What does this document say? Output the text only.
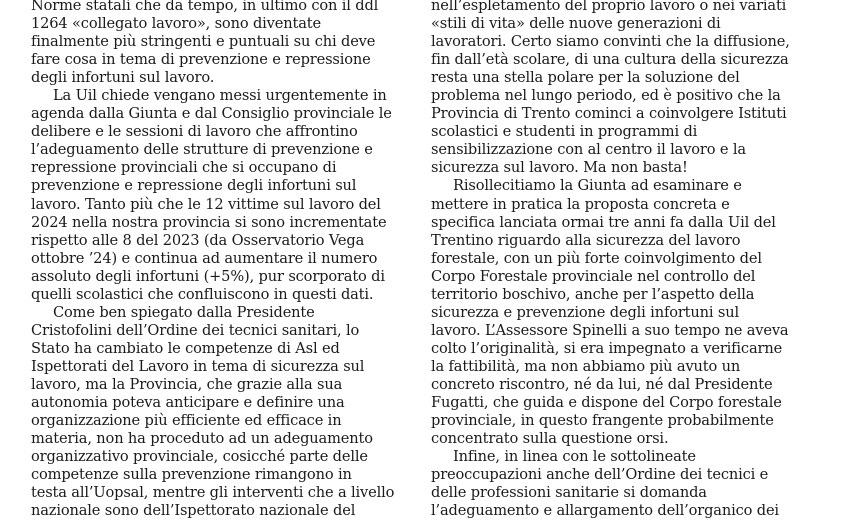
Norme statali che da tempo, in ultimo con il ddl
1264 «collegato lavoro», sono diventate
finalmente più stringenti e puntuali su chi deve
fare cosa in tema di prevenzione e repressione
degli infortuni sul lavoro.
La Uil chiede vengano messi urgentemente in
agenda dalla Giunta e dal Consiglio provinciale le
delibere e le sessioni di lavoro che affrontino
l’adeguamento delle strutture di prevenzione e
repressione provinciali che si occupano di
prevenzione e repressione degli infortuni sul
lavoro. Tanto più che le 12 vittime sul lavoro del
2024 nella nostra provincia si sono incrementate
rispetto alle 8 del 2023 (da Osservatorio Vega
ottobre ’24) e continua ad aumentare il numero
assoluto degli infortuni (+5%), pur scorporato di
quelli scolastici che confluiscono in questi dati.
Come ben spiegato dalla Presidente
Cristofolini dell’Ordine dei tecnici sanitari, lo
Stato ha cambiato le competenze di Asl ed
Ispettorati del Lavoro in tema di sicurezza sul
lavoro, ma la Provincia, che grazie alla sua
autonomia poteva anticipare e definire una
organizzazione più efficiente ed efficace in
materia, non ha proceduto ad un adeguamento
organizzativo provinciale, cosicché parte delle
competenze sulla prevenzione rimangono in
testa all’Uopsal, mentre gli interventi che a livello
nazionale sono dell’Ispettorato nazionale del
nell’espletamento del proprio lavoro o nei variati
«stili di vita» delle nuove generazioni di
lavoratori. Certo siamo convinti che la diffusione,
fin dall’età scolare, di una cultura della sicurezza
resta una stella polare per la soluzione del
problema nel lungo periodo, ed è positivo che la
Provincia di Trento cominci a coinvolgere Istituti
scolastici e studenti in programmi di
sensibilizzazione con al centro il lavoro e la
sicurezza sul lavoro. Ma non basta!
Risollecitiamo la Giunta ad esaminare e
mettere in pratica la proposta concreta e
specifica lanciata ormai tre anni fa dalla Uil del
Trentino riguardo alla sicurezza del lavoro
forestale, con un più forte coinvolgimento del
Corpo Forestale provinciale nel controllo del
territorio boschivo, anche per l’aspetto della
sicurezza e prevenzione degli infortuni sul
lavoro. L’Assessore Spinelli a suo tempo ne aveva
colto l’originalità, si era impegnato a verificarne
la fattibilità, ma non abbiamo più avuto un
concreto riscontro, né da lui, né dal Presidente
Fugatti, che guida e dispone del Corpo forestale
provinciale, in questo frangente probabilmente
concentrato sulla questione orsi.
Infine, in linea con le sottolineate
preoccupazioni anche dell’Ordine dei tecnici e
delle professioni sanitarie si domanda
l’adeguamento e allargamento dell’organico dei
